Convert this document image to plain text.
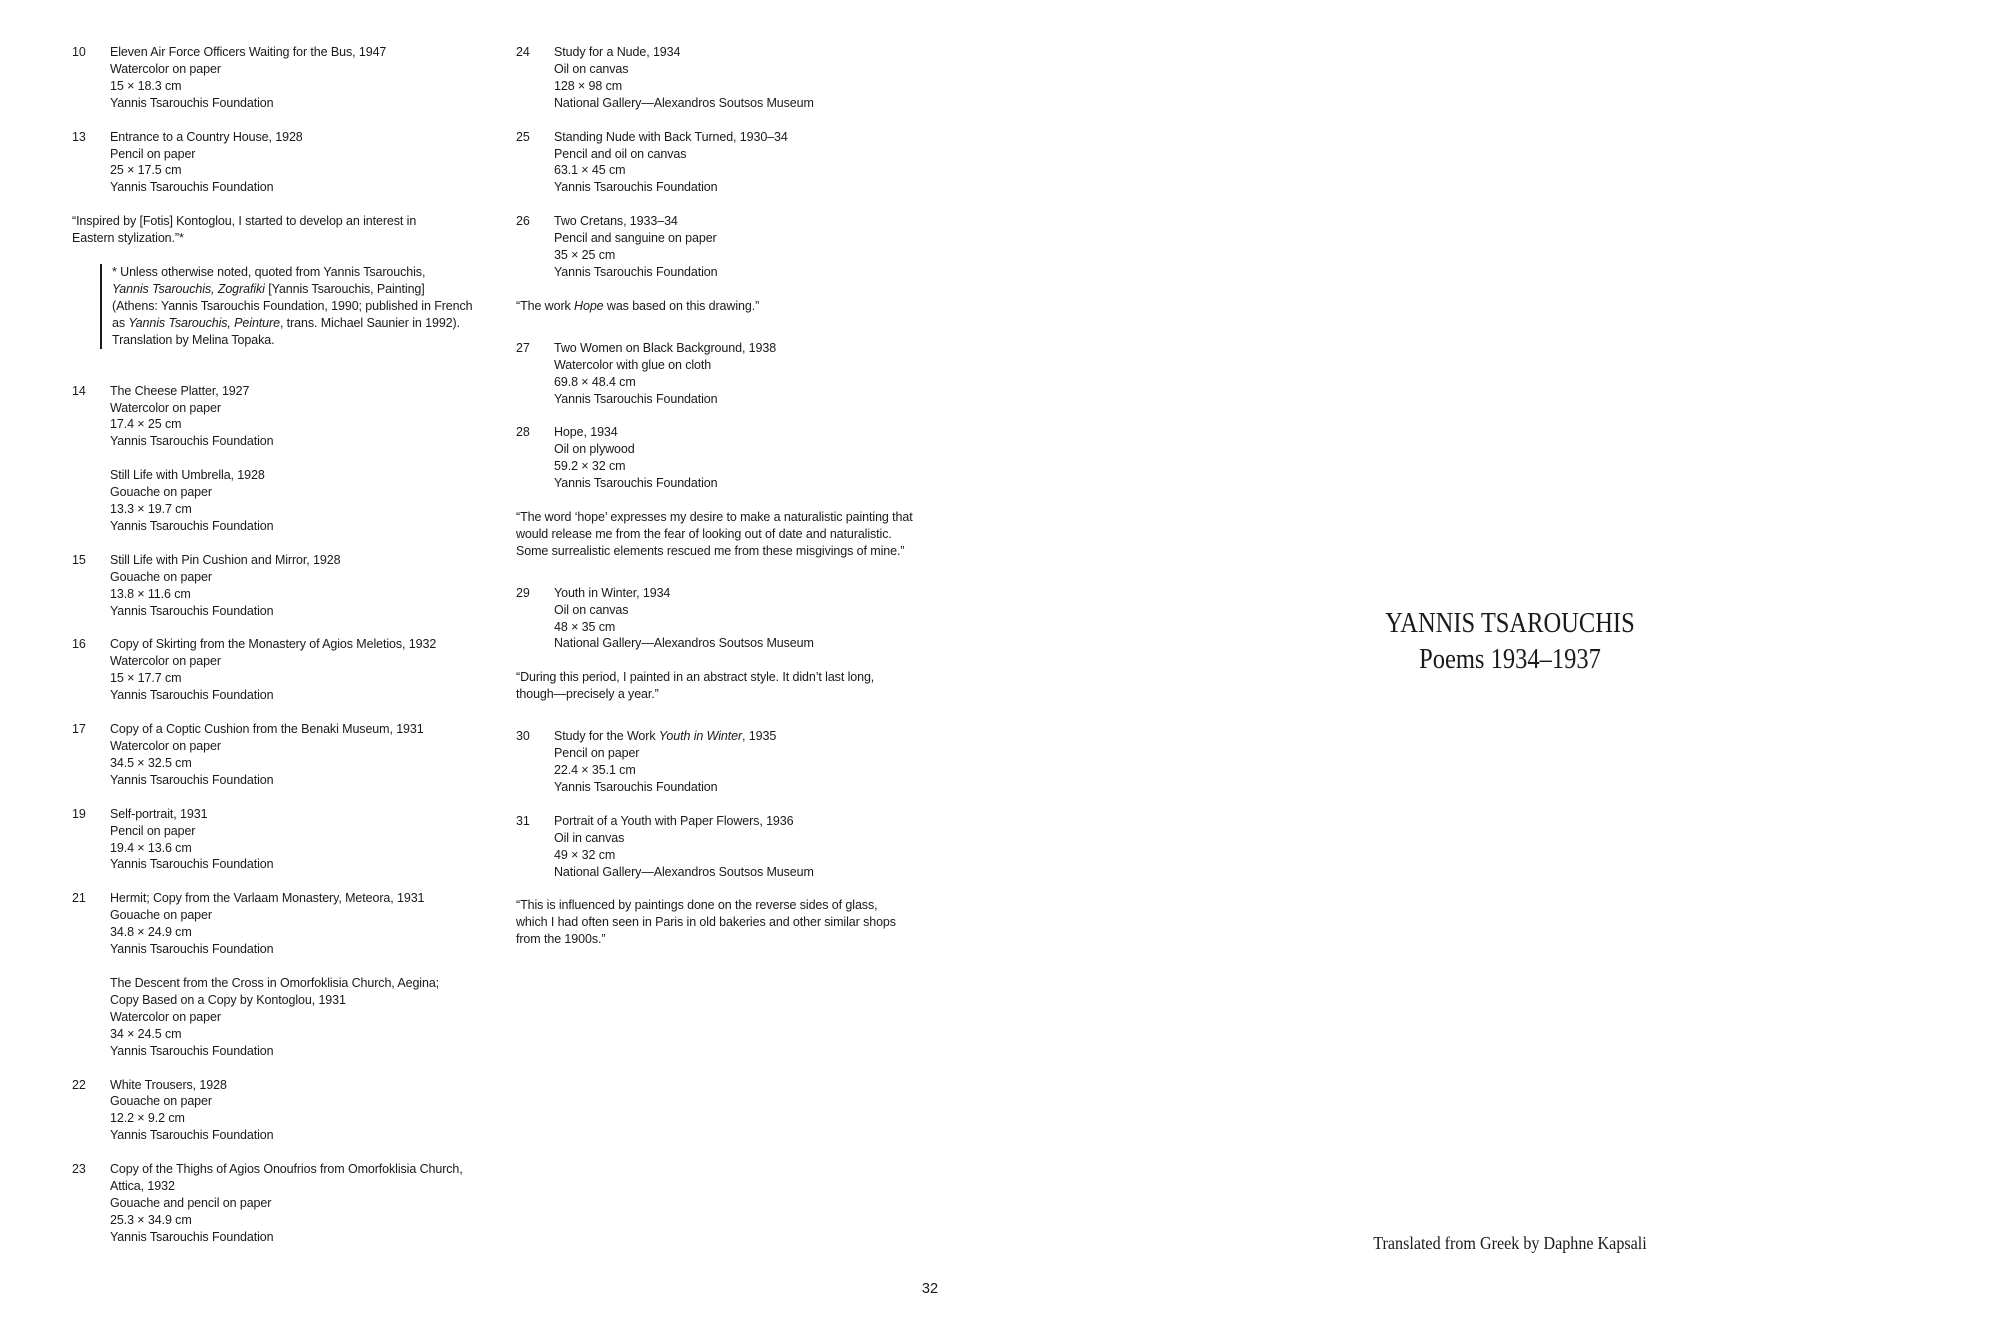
10	Eleven Air Force Officers Waiting for the Bus, 1947
Watercolor on paper
15 × 18.3 cm
Yannis Tsarouchis Foundation
13	Entrance to a Country House, 1928
Pencil on paper
25 × 17.5 cm
Yannis Tsarouchis Foundation
“Inspired by [Fotis] Kontoglou, I started to develop an interest in
Eastern stylization.”*
* Unless otherwise noted, quoted from Yannis Tsarouchis,
Yannis Tsarouchis, Zografiki [Yannis Tsarouchis, Painting]
(Athens: Yannis Tsarouchis Foundation, 1990; published in French
as Yannis Tsarouchis, Peinture, trans. Michael Saunier in 1992).
Translation by Melina Topaka.
14	The Cheese Platter, 1927
Watercolor on paper
17.4 × 25 cm
Yannis Tsarouchis Foundation
Still Life with Umbrella, 1928
Gouache on paper
13.3 × 19.7 cm
Yannis Tsarouchis Foundation
15	Still Life with Pin Cushion and Mirror, 1928
Gouache on paper
13.8 × 11.6 cm
Yannis Tsarouchis Foundation
16	Copy of Skirting from the Monastery of Agios Meletios, 1932
Watercolor on paper
15 × 17.7 cm
Yannis Tsarouchis Foundation
17	Copy of a Coptic Cushion from the Benaki Museum, 1931
Watercolor on paper
34.5 × 32.5 cm
Yannis Tsarouchis Foundation
19	Self-portrait, 1931
Pencil on paper
19.4 × 13.6 cm
Yannis Tsarouchis Foundation
21	Hermit; Copy from the Varlaam Monastery, Meteora, 1931
Gouache on paper
34.8 × 24.9 cm
Yannis Tsarouchis Foundation
The Descent from the Cross in Omorfoklisia Church, Aegina;
Copy Based on a Copy by Kontoglou, 1931
Watercolor on paper
34 × 24.5 cm
Yannis Tsarouchis Foundation
22	White Trousers, 1928
Gouache on paper
12.2 × 9.2 cm
Yannis Tsarouchis Foundation
23	Copy of the Thighs of Agios Onoufrios from Omorfoklisia Church,
Attica, 1932
Gouache and pencil on paper
25.3 × 34.9 cm
Yannis Tsarouchis Foundation
24	Study for a Nude, 1934
Oil on canvas
128 × 98 cm
National Gallery—Alexandros Soutsos Museum
25	Standing Nude with Back Turned, 1930–34
Pencil and oil on canvas
63.1 × 45 cm
Yannis Tsarouchis Foundation
26	Two Cretans, 1933–34
Pencil and sanguine on paper
35 × 25 cm
Yannis Tsarouchis Foundation
“The work Hope was based on this drawing.”
27	Two Women on Black Background, 1938
Watercolor with glue on cloth
69.8 × 48.4 cm
Yannis Tsarouchis Foundation
28	Hope, 1934
Oil on plywood
59.2 × 32 cm
Yannis Tsarouchis Foundation
“The word ‘hope’ expresses my desire to make a naturalistic painting that
would release me from the fear of looking out of date and naturalistic.
Some surrealistic elements rescued me from these misgivings of mine.”
29	Youth in Winter, 1934
Oil on canvas
48 × 35 cm
National Gallery—Alexandros Soutsos Museum
“During this period, I painted in an abstract style. It didn’t last long,
though—precisely a year.”
30	Study for the Work Youth in Winter, 1935
Pencil on paper
22.4 × 35.1 cm
Yannis Tsarouchis Foundation
31	Portrait of a Youth with Paper Flowers, 1936
Oil in canvas
49 × 32 cm
National Gallery—Alexandros Soutsos Museum
“This is influenced by paintings done on the reverse sides of glass,
which I had often seen in Paris in old bakeries and other similar shops
from the 1900s.”
32
YANNIS TSAROUCHIS
Poems 1934–1937
Translated from Greek by Daphne Kapsali
